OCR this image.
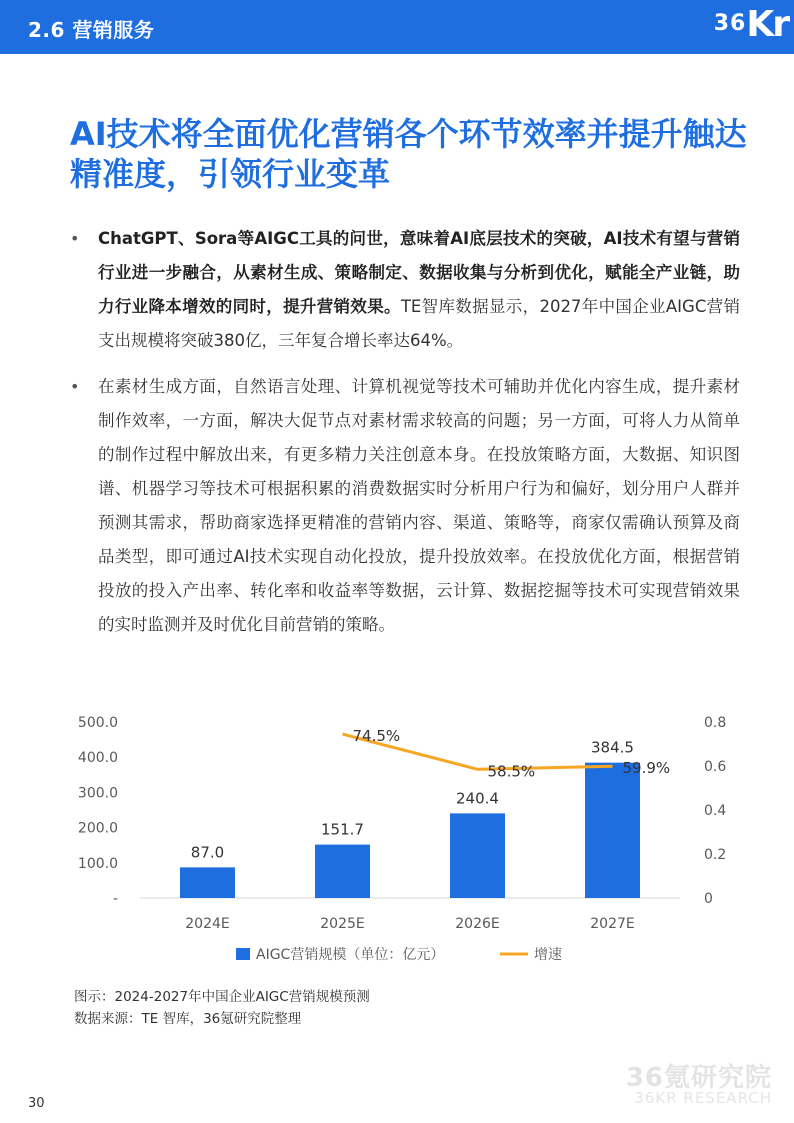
2.6 营销服务	36Kr
AI技术将全面优化营销各个环节效率并提升触达精准度，引领行业变革
• ChatGPT、Sora等AIGC工具的问世，意味着AI底层技术的突破，AI技术有望与营销行业进一步融合，从素材生成、策略制定、数据收集与分析到优化，赋能全产业链，助力行业降本增效的同时，提升营销效果。TE智库数据显示，2027年中国企业AIGC营销支出规模将突破380亿，三年复合增长率达64%。
• 在素材生成方面，自然语言处理、计算机视觉等技术可辅助并优化内容生成，提升素材制作效率，一方面，解决大促节点对素材需求较高的问题；另一方面，可将人力从简单的制作过程中解放出来，有更多精力关注创意本身。在投放策略方面，大数据、知识图谱、机器学习等技术可根据积累的消费数据实时分析用户行为和偏好，划分用户人群并预测其需求，帮助商家选择更精准的营销内容、渠道、策略等，商家仅需确认预算及商品类型，即可通过AI技术实现自动化投放，提升投放效率。在投放优化方面，根据营销投放的投入产出率、转化率和收益率等数据，云计算、数据挖掘等技术可实现营销效果的实时监测并及时优化目前营销的策略。
-
100.0
200.0
300.0
400.0
500.0
0
0.2
0.4
0.6
0.8
87.0
151.7
240.4
384.5
74.5%
58.5%	59.9%
2024E	2025E	2026E	2027E
AIGC营销规模（单位：亿元）	增速
图示：2024-2027年中国企业AIGC营销规模预测
数据来源：TE 智库，36氪研究院整理
36氪研究院
36KR RESEARCH
30
